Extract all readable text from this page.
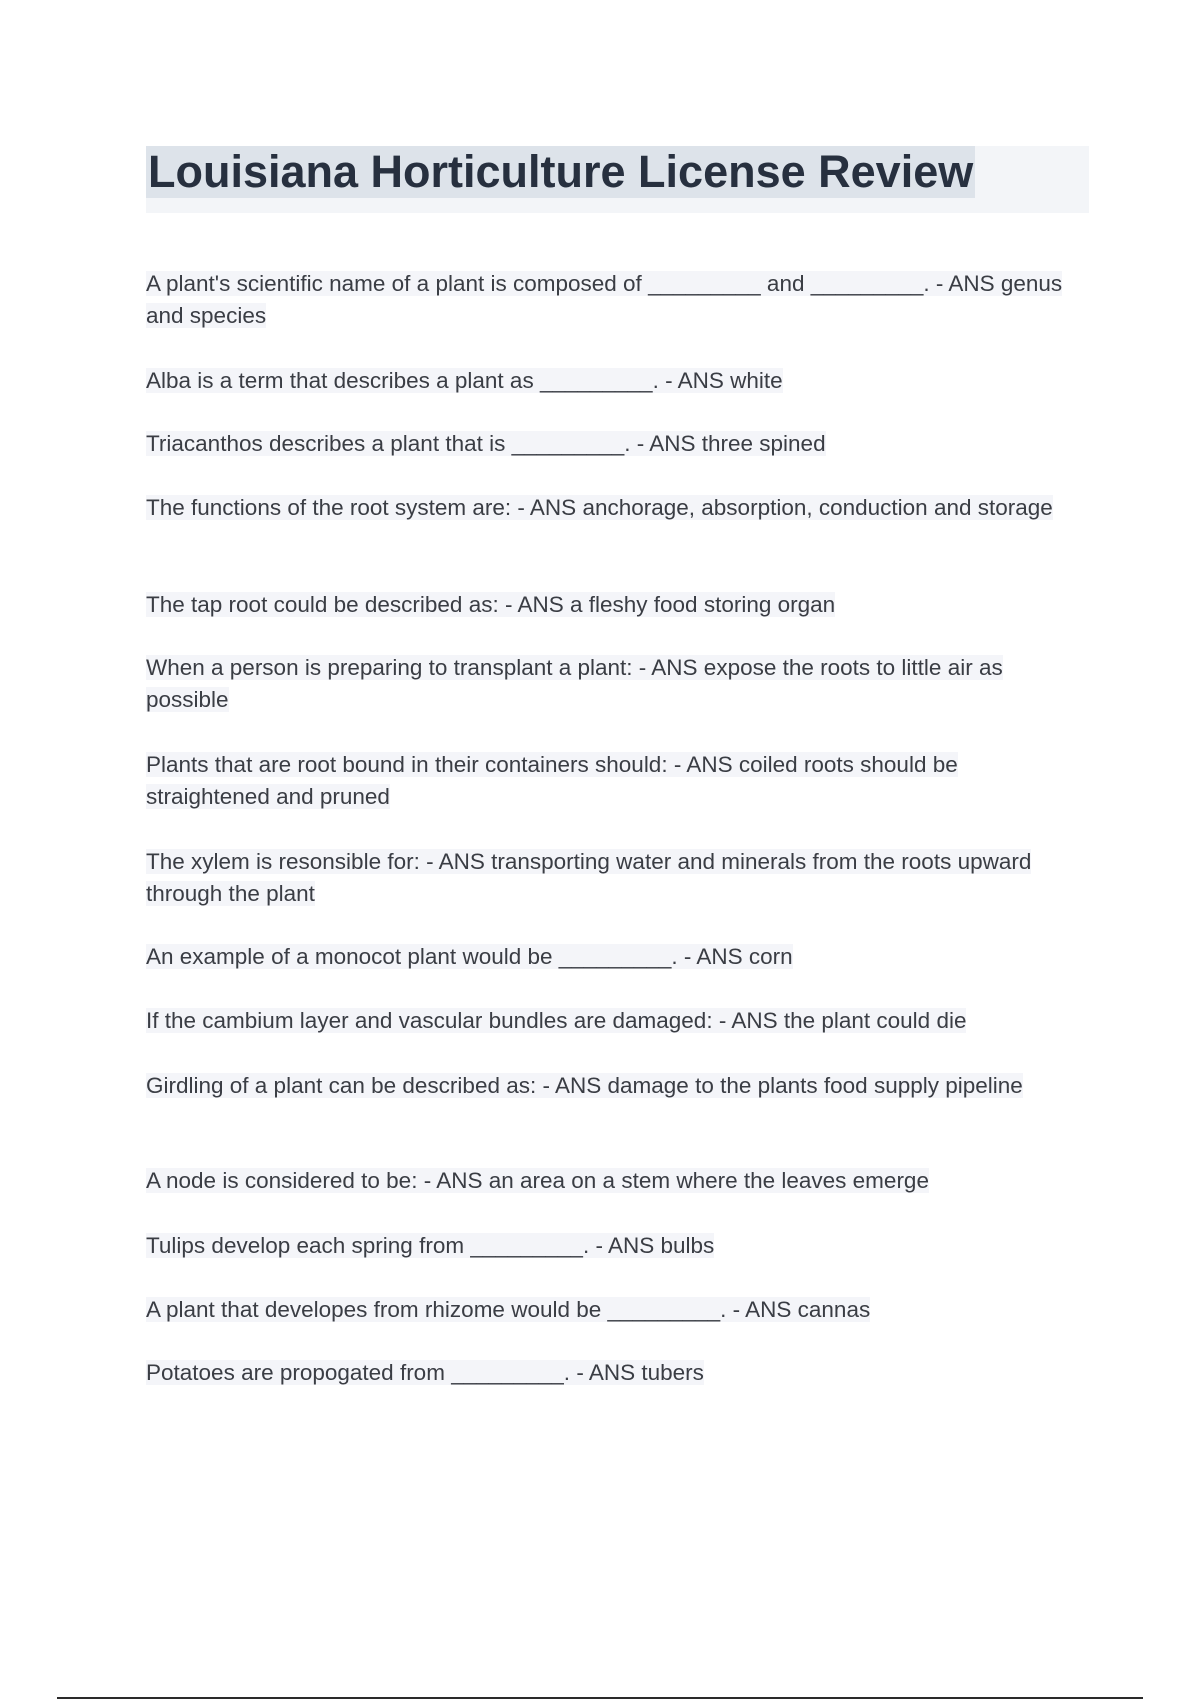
Louisiana Horticulture License Review

A plant's scientific name of a plant is composed of _________ and _________. - ANS genus and species

Alba is a term that describes a plant as _________. - ANS white

Triacanthos describes a plant that is _________. - ANS three spined

The functions of the root system are: - ANS anchorage, absorption, conduction and storage

The tap root could be described as: - ANS a fleshy food storing organ

When a person is preparing to transplant a plant: - ANS expose the roots to little air as possible

Plants that are root bound in their containers should: - ANS coiled roots should be straightened and pruned

The xylem is resonsible for: - ANS transporting water and minerals from the roots upward through the plant

An example of a monocot plant would be _________. - ANS corn

If the cambium layer and vascular bundles are damaged: - ANS the plant could die

Girdling of a plant can be described as: - ANS damage to the plants food supply pipeline

A node is considered to be: - ANS an area on a stem where the leaves emerge

Tulips develop each spring from _________. - ANS bulbs

A plant that developes from rhizome would be _________. - ANS cannas

Potatoes are propogated from _________. - ANS tubers
